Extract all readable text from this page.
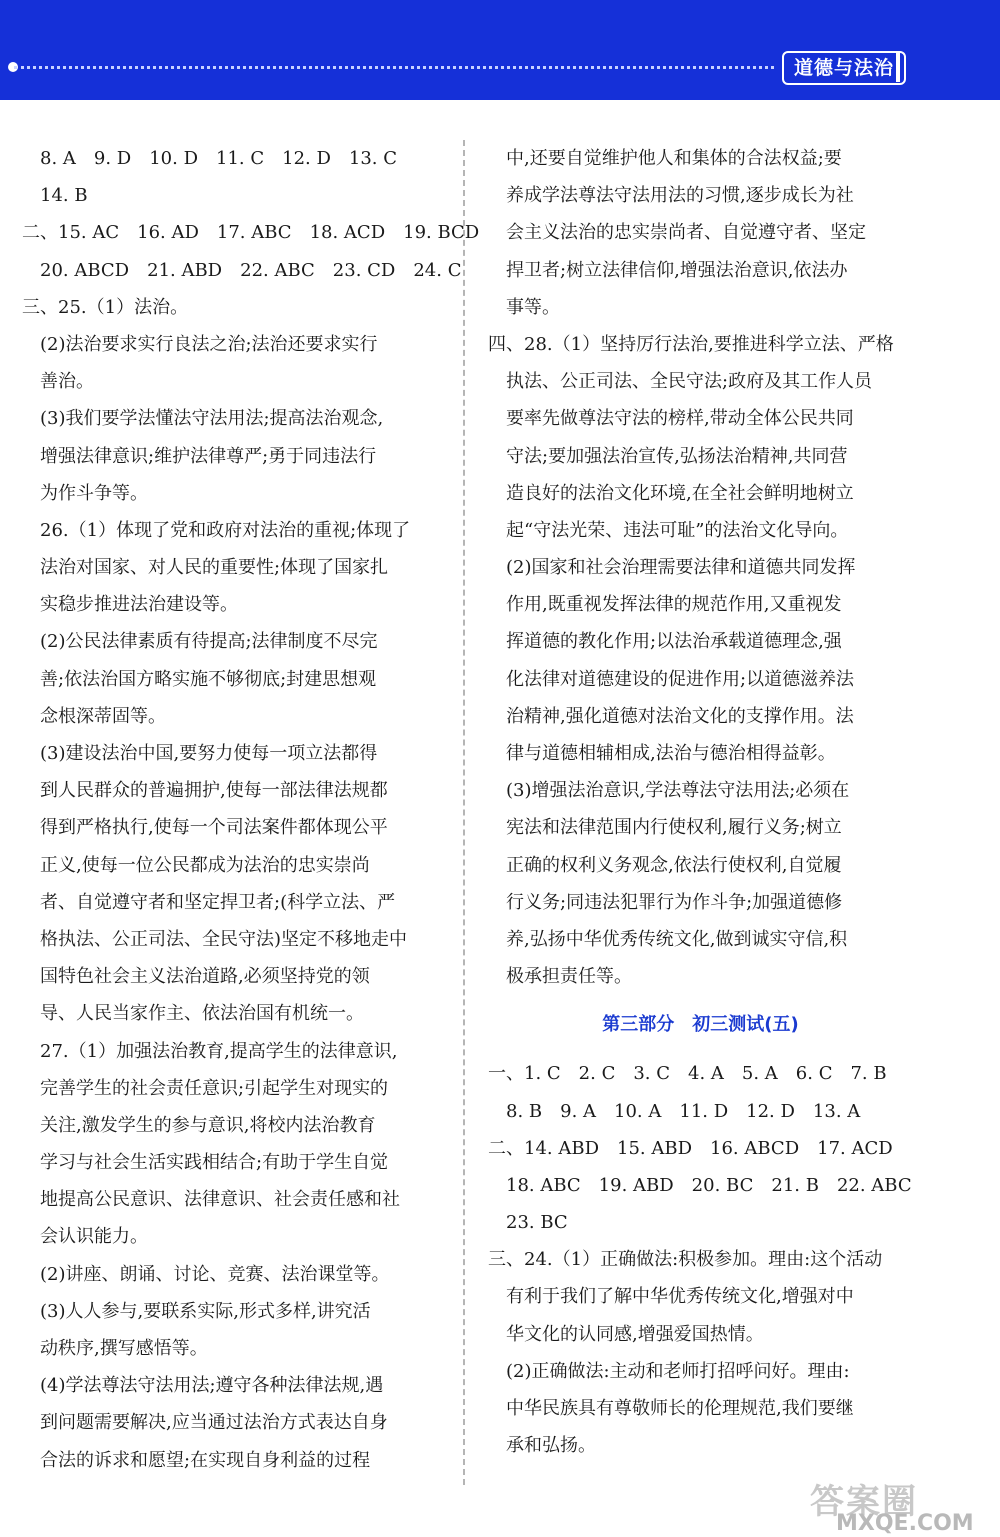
道德与法治
　8. A　9. D　10. D　11. C　12. D　13. C
　14. B
二、15. AC　16. AD　17. ABC　18. ACD　19. BCD
　20. ABCD　21. ABD　22. ABC　23. CD　24. C
三、25.（1）法治。
　(2)法治要求实行良法之治;法治还要求实行
　善治。
　(3)我们要学法懂法守法用法;提高法治观念,
　增强法律意识;维护法律尊严;勇于同违法行
　为作斗争等。
　26.（1）体现了党和政府对法治的重视;体现了
　法治对国家、对人民的重要性;体现了国家扎
　实稳步推进法治建设等。
　(2)公民法律素质有待提高;法律制度不尽完
　善;依法治国方略实施不够彻底;封建思想观
　念根深蒂固等。
　(3)建设法治中国,要努力使每一项立法都得
　到人民群众的普遍拥护,使每一部法律法规都
　得到严格执行,使每一个司法案件都体现公平
　正义,使每一位公民都成为法治的忠实崇尚
　者、自觉遵守者和坚定捍卫者;(科学立法、严
　格执法、公正司法、全民守法)坚定不移地走中
　国特色社会主义法治道路,必须坚持党的领
　导、人民当家作主、依法治国有机统一。
　27.（1）加强法治教育,提高学生的法律意识,
　完善学生的社会责任意识;引起学生对现实的
　关注,激发学生的参与意识,将校内法治教育
　学习与社会生活实践相结合;有助于学生自觉
　地提高公民意识、法律意识、社会责任感和社
　会认识能力。
　(2)讲座、朗诵、讨论、竞赛、法治课堂等。
　(3)人人参与,要联系实际,形式多样,讲究活
　动秩序,撰写感悟等。
　(4)学法尊法守法用法;遵守各种法律法规,遇
　到问题需要解决,应当通过法治方式表达自身
　合法的诉求和愿望;在实现自身利益的过程
　中,还要自觉维护他人和集体的合法权益;要
　养成学法尊法守法用法的习惯,逐步成长为社
　会主义法治的忠实崇尚者、自觉遵守者、坚定
　捍卫者;树立法律信仰,增强法治意识,依法办
　事等。
四、28.（1）坚持厉行法治,要推进科学立法、严格
　执法、公正司法、全民守法;政府及其工作人员
　要率先做尊法守法的榜样,带动全体公民共同
　守法;要加强法治宣传,弘扬法治精神,共同营
　造良好的法治文化环境,在全社会鲜明地树立
　起“守法光荣、违法可耻”的法治文化导向。
　(2)国家和社会治理需要法律和道德共同发挥
　作用,既重视发挥法律的规范作用,又重视发
　挥道德的教化作用;以法治承载道德理念,强
　化法律对道德建设的促进作用;以道德滋养法
　治精神,强化道德对法治文化的支撑作用。法
　律与道德相辅相成,法治与德治相得益彰。
　(3)增强法治意识,学法尊法守法用法;必须在
　宪法和法律范围内行使权利,履行义务;树立
　正确的权利义务观念,依法行使权利,自觉履
　行义务;同违法犯罪行为作斗争;加强道德修
　养,弘扬中华优秀传统文化,做到诚实守信,积
　极承担责任等。
第三部分　初三测试(五)
一、1. C　2. C　3. C　4. A　5. A　6. C　7. B
　8. B　9. A　10. A　11. D　12. D　13. A
二、14. ABD　15. ABD　16. ABCD　17. ACD
　18. ABC　19. ABD　20. BC　21. B　22. ABC
　23. BC
三、24.（1）正确做法:积极参加。理由:这个活动
　有利于我们了解中华优秀传统文化,增强对中
　华文化的认同感,增强爱国热情。
　(2)正确做法:主动和老师打招呼问好。理由:
　中华民族具有尊敬师长的伦理规范,我们要继
　承和弘扬。
答案圈
MXQE.COM
